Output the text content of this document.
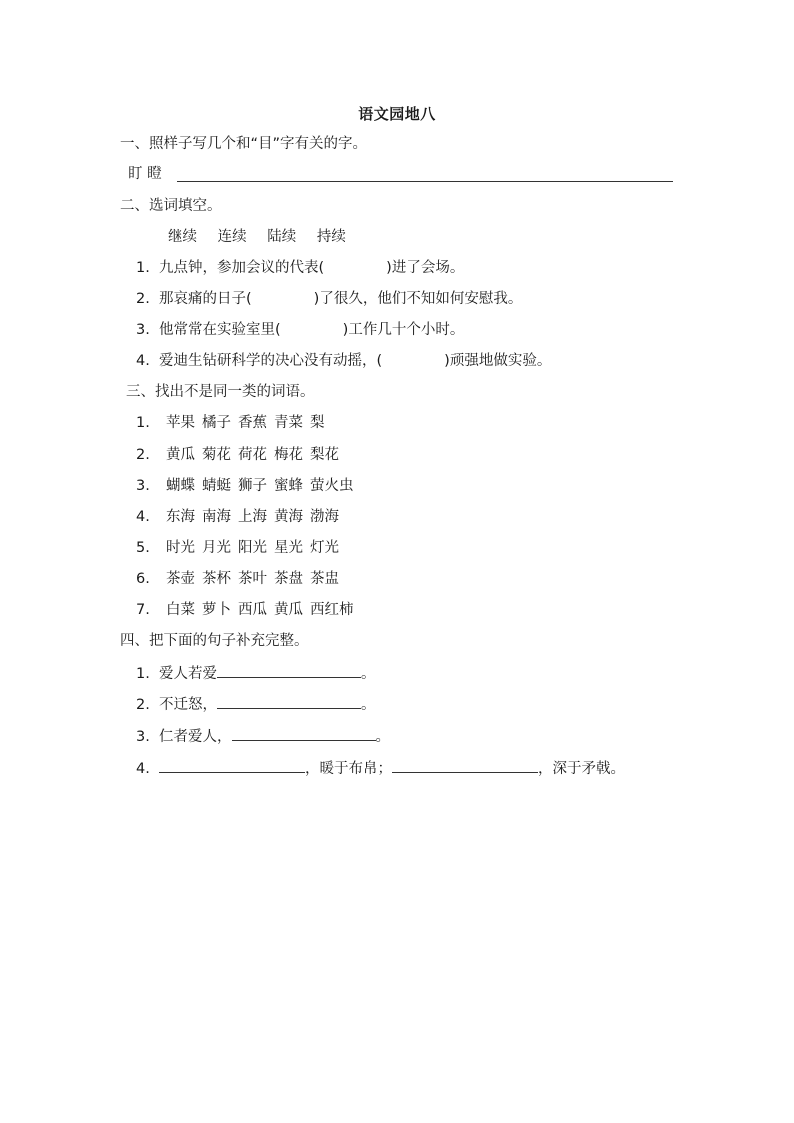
语文园地八
一、照样子写几个和“目”字有关的字。
盯 瞪
二、选词填空。
继续 连续 陆续 持续
1. 九点钟，参加会议的代表(	)进了会场。
2. 那哀痛的日子(	)了很久，他们不知如何安慰我。
3. 他常常在实验室里(	)工作几十个小时。
4. 爱迪生钻研科学的决心没有动摇，(	)顽强地做实验。
三、找出不是同一类的词语。
1. 苹果 橘子 香蕉 青菜 梨
2. 黄瓜 菊花 荷花 梅花 梨花
3. 蝴蝶 蜻蜓 狮子 蜜蜂 萤火虫
4. 东海 南海 上海 黄海 渤海
5. 时光 月光 阳光 星光 灯光
6. 茶壶 茶杯 茶叶 茶盘 茶盅
7. 白菜 萝卜 西瓜 黄瓜 西红柿
四、把下面的句子补充完整。
1. 爱人若爱	。
2. 不迁怒，	。
3. 仁者爱人，	。
4.	，暖于布帛；	，深于矛戟。
